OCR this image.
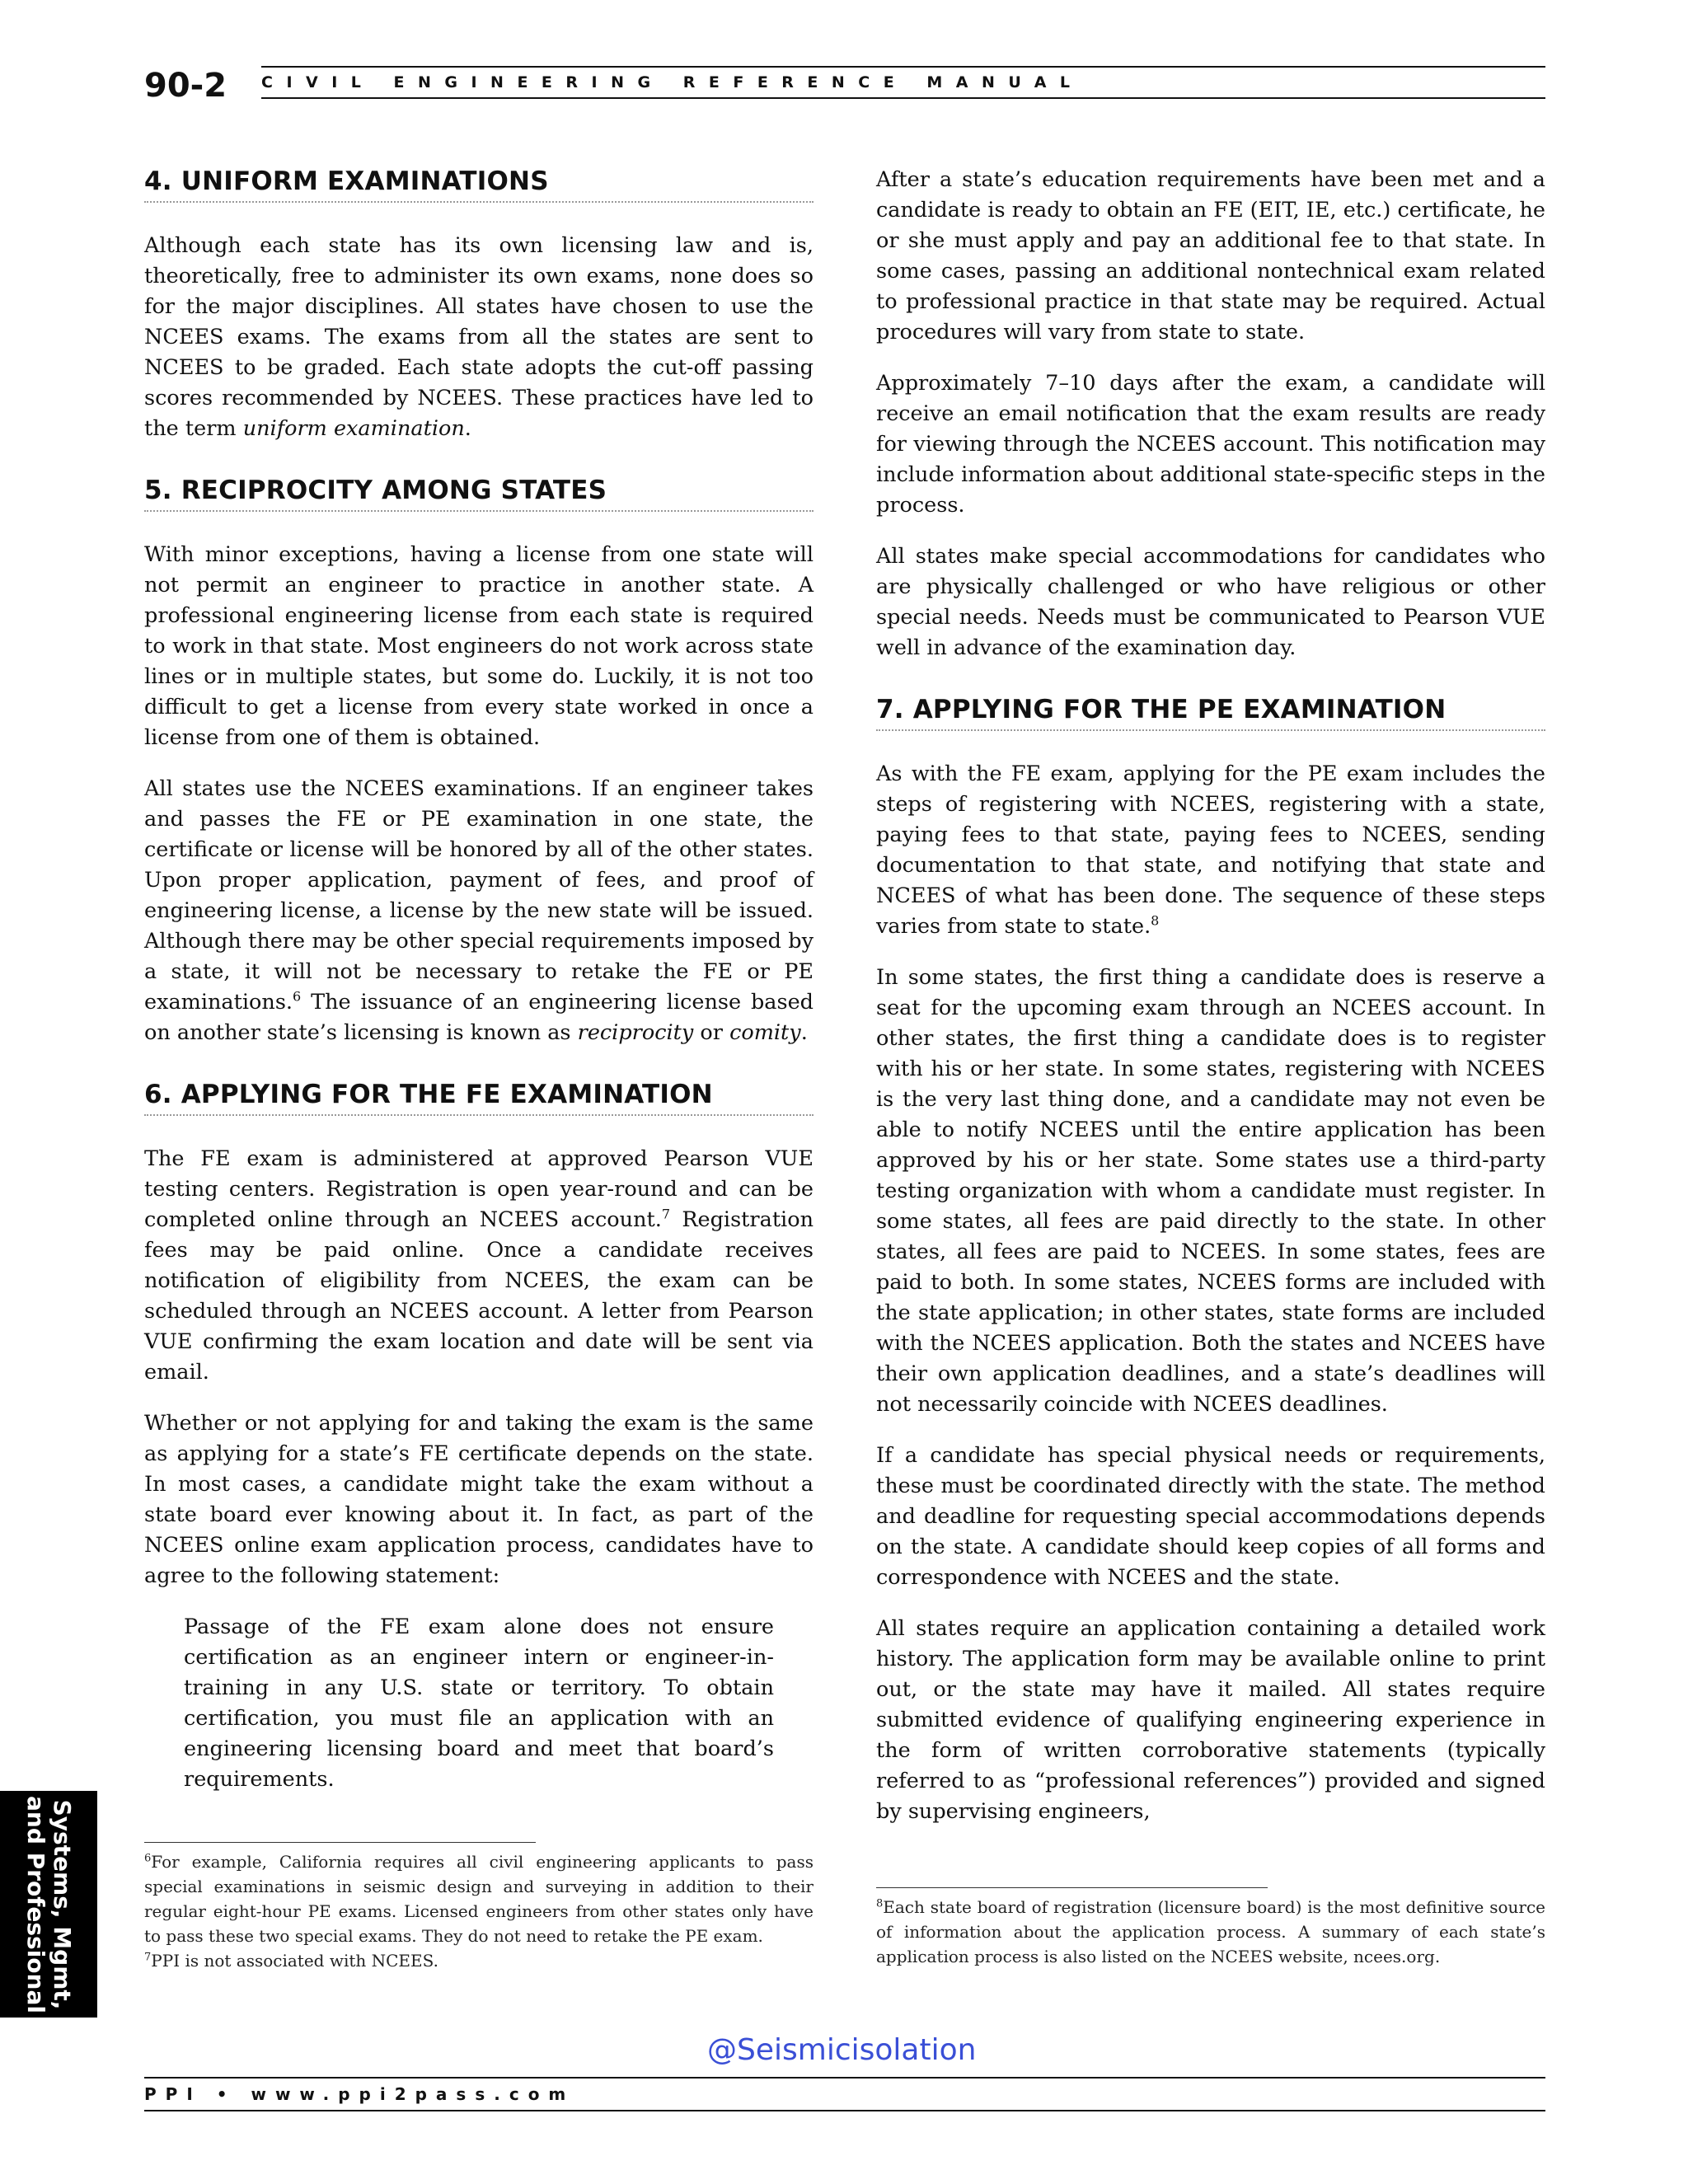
90-2 CIVIL ENGINEERING REFERENCE MANUAL
4. UNIFORM EXAMINATIONS

Although each state has its own licensing law and is, theoretically, free to administer its own exams, none does so for the major disciplines. All states have chosen to use the NCEES exams. The exams from all the states are sent to NCEES to be graded. Each state adopts the cut-off passing scores recommended by NCEES. These practices have led to the term uniform examination.

5. RECIPROCITY AMONG STATES

With minor exceptions, having a license from one state will not permit an engineer to practice in another state. A professional engineering license from each state is required to work in that state. Most engineers do not work across state lines or in multiple states, but some do. Luckily, it is not too difficult to get a license from every state worked in once a license from one of them is obtained.

All states use the NCEES examinations. If an engineer takes and passes the FE or PE examination in one state, the certificate or license will be honored by all of the other states. Upon proper application, payment of fees, and proof of engineering license, a license by the new state will be issued. Although there may be other special requirements imposed by a state, it will not be necessary to retake the FE or PE examinations.$^6$ The issuance of an engineering license based on another state’s licensing is known as reciprocity or comity.

6. APPLYING FOR THE FE EXAMINATION

The FE exam is administered at approved Pearson VUE testing centers. Registration is open year-round and can be completed online through an NCEES account.$^7$ Registration fees may be paid online. Once a candidate receives notification of eligibility from NCEES, the exam can be scheduled through an NCEES account. A letter from Pearson VUE confirming the exam location and date will be sent via email.

Whether or not applying for and taking the exam is the same as applying for a state’s FE certificate depends on the state. In most cases, a candidate might take the exam without a state board ever knowing about it. In fact, as part of the NCEES online exam application process, candidates have to agree to the following statement:

Passage of the FE exam alone does not ensure certification as an engineer intern or engineer-in-training in any U.S. state or territory. To obtain certification, you must file an application with an engineering licensing board and meet that board’s requirements.

$^6$For example, California requires all civil engineering applicants to pass special examinations in seismic design and surveying in addition to their regular eight-hour PE exams. Licensed engineers from other states only have to pass these two special exams. They do not need to retake the PE exam.

$^7$PPI is not associated with NCEES.

After a state’s education requirements have been met and a candidate is ready to obtain an FE (EIT, IE, etc.) certificate, he or she must apply and pay an additional fee to that state. In some cases, passing an additional nontechnical exam related to professional practice in that state may be required. Actual procedures will vary from state to state.

Approximately 7–10 days after the exam, a candidate will receive an email notification that the exam results are ready for viewing through the NCEES account. This notification may include information about additional state-specific steps in the process.

All states make special accommodations for candidates who are physically challenged or who have religious or other special needs. Needs must be communicated to Pearson VUE well in advance of the examination day.

7. APPLYING FOR THE PE EXAMINATION

As with the FE exam, applying for the PE exam includes the steps of registering with NCEES, registering with a state, paying fees to that state, paying fees to NCEES, sending documentation to that state, and notifying that state and NCEES of what has been done. The sequence of these steps varies from state to state.$^8$

In some states, the first thing a candidate does is reserve a seat for the upcoming exam through an NCEES account. In other states, the first thing a candidate does is to register with his or her state. In some states, registering with NCEES is the very last thing done, and a candidate may not even be able to notify NCEES until the entire application has been approved by his or her state. Some states use a third-party testing organization with whom a candidate must register. In some states, all fees are paid directly to the state. In other states, all fees are paid to NCEES. In some states, fees are paid to both. In some states, NCEES forms are included with the state application; in other states, state forms are included with the NCEES application. Both the states and NCEES have their own application deadlines, and a state’s deadlines will not necessarily coincide with NCEES deadlines.

If a candidate has special physical needs or requirements, these must be coordinated directly with the state. The method and deadline for requesting special accommodations depends on the state. A candidate should keep copies of all forms and correspondence with NCEES and the state.

All states require an application containing a detailed work history. The application form may be available online to print out, or the state may have it mailed. All states require submitted evidence of qualifying engineering experience in the form of written corroborative statements (typically referred to as “professional references”) provided and signed by supervising engineers,

$^8$Each state board of registration (licensure board) is the most definitive source of information about the application process. A summary of each state’s application process is also listed on the NCEES website, ncees.org.

Systems, Mgmt,
and Professional
@Seismicisolation
PPI • www.ppi2pass.com
